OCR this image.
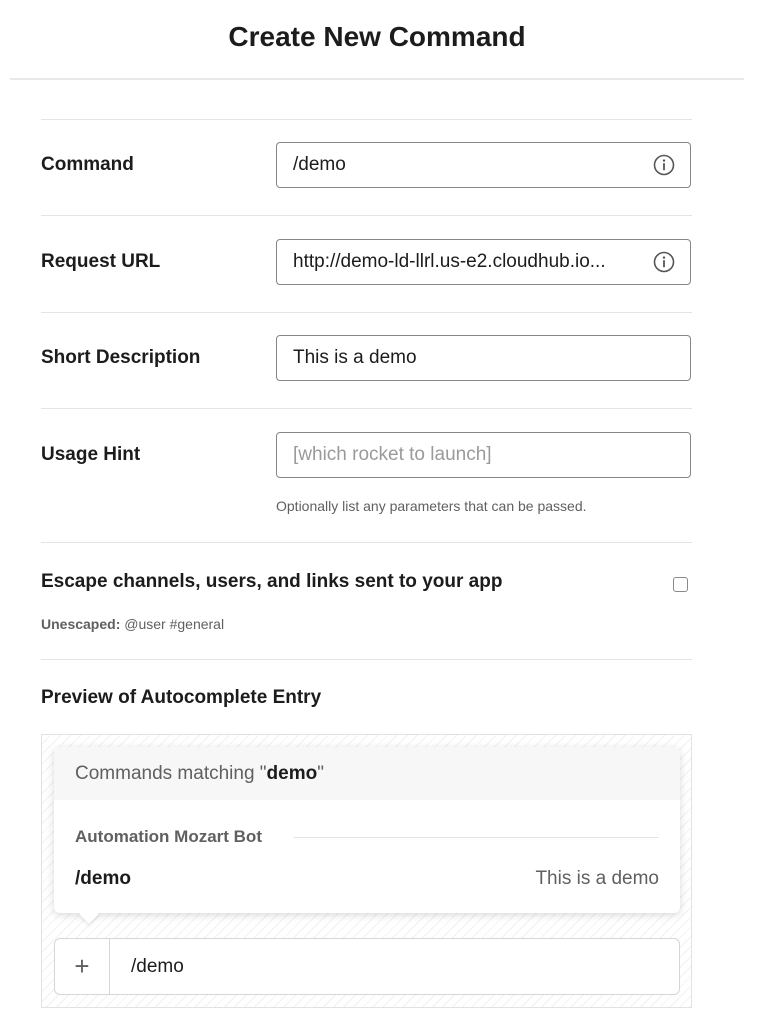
Create New Command
Command
/demo
Request URL
http://demo-ld-llrl.us-e2.cloudhub.io...
Short Description
This is a demo
Usage Hint
[which rocket to launch]
Optionally list any parameters that can be passed.
Escape channels, users, and links sent to your app
Unescaped: @user #general
Preview of Autocomplete Entry
Commands matching "demo"
Automation Mozart Bot
/demo	This is a demo
+	/demo
